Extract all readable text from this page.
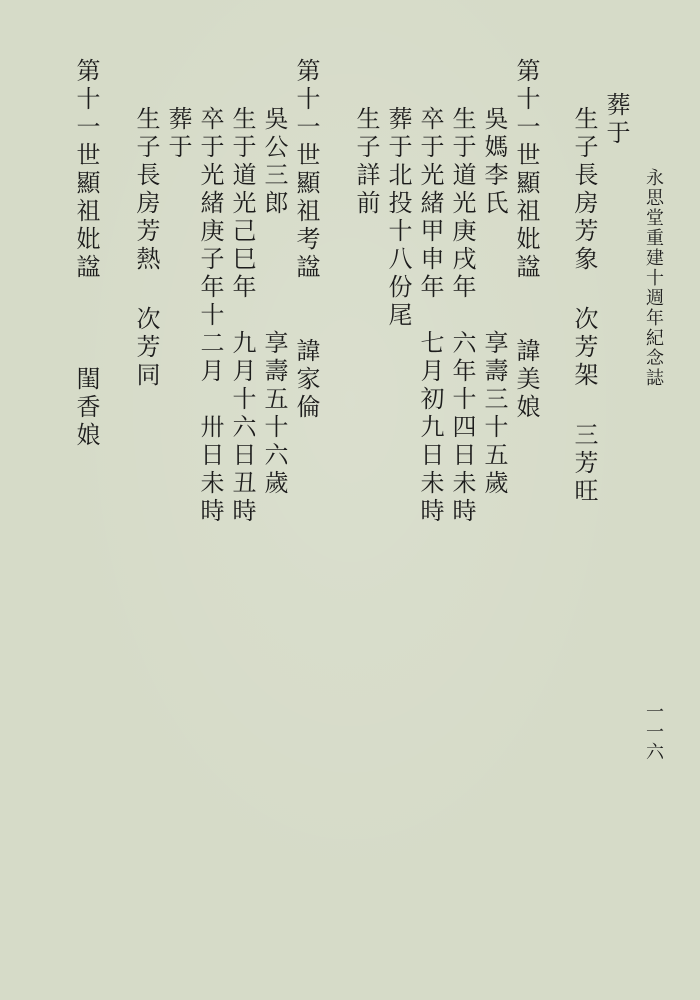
永思堂重建十週年紀念誌
葬于
生子長房芳象 次芳架 三芳旺
第十一世顯祖妣諡　　諱美娘
吳媽李氏　　　　享壽三十五歲
生于道光庚戌年　六年十四日未時
卒于光緒甲申年　七月初九日未時
葬于北投十八份尾
生子詳前
第十一世顯祖考諡　　諱家倫
吳公三郎　　　　享壽五十六歲
生于道光己巳年　九月十六日丑時
卒于光緒庚子年十二月　卅日未時
葬于
生子長房芳熱 次芳同
第十一世顯祖妣諡　　　閨香娘
一一六
